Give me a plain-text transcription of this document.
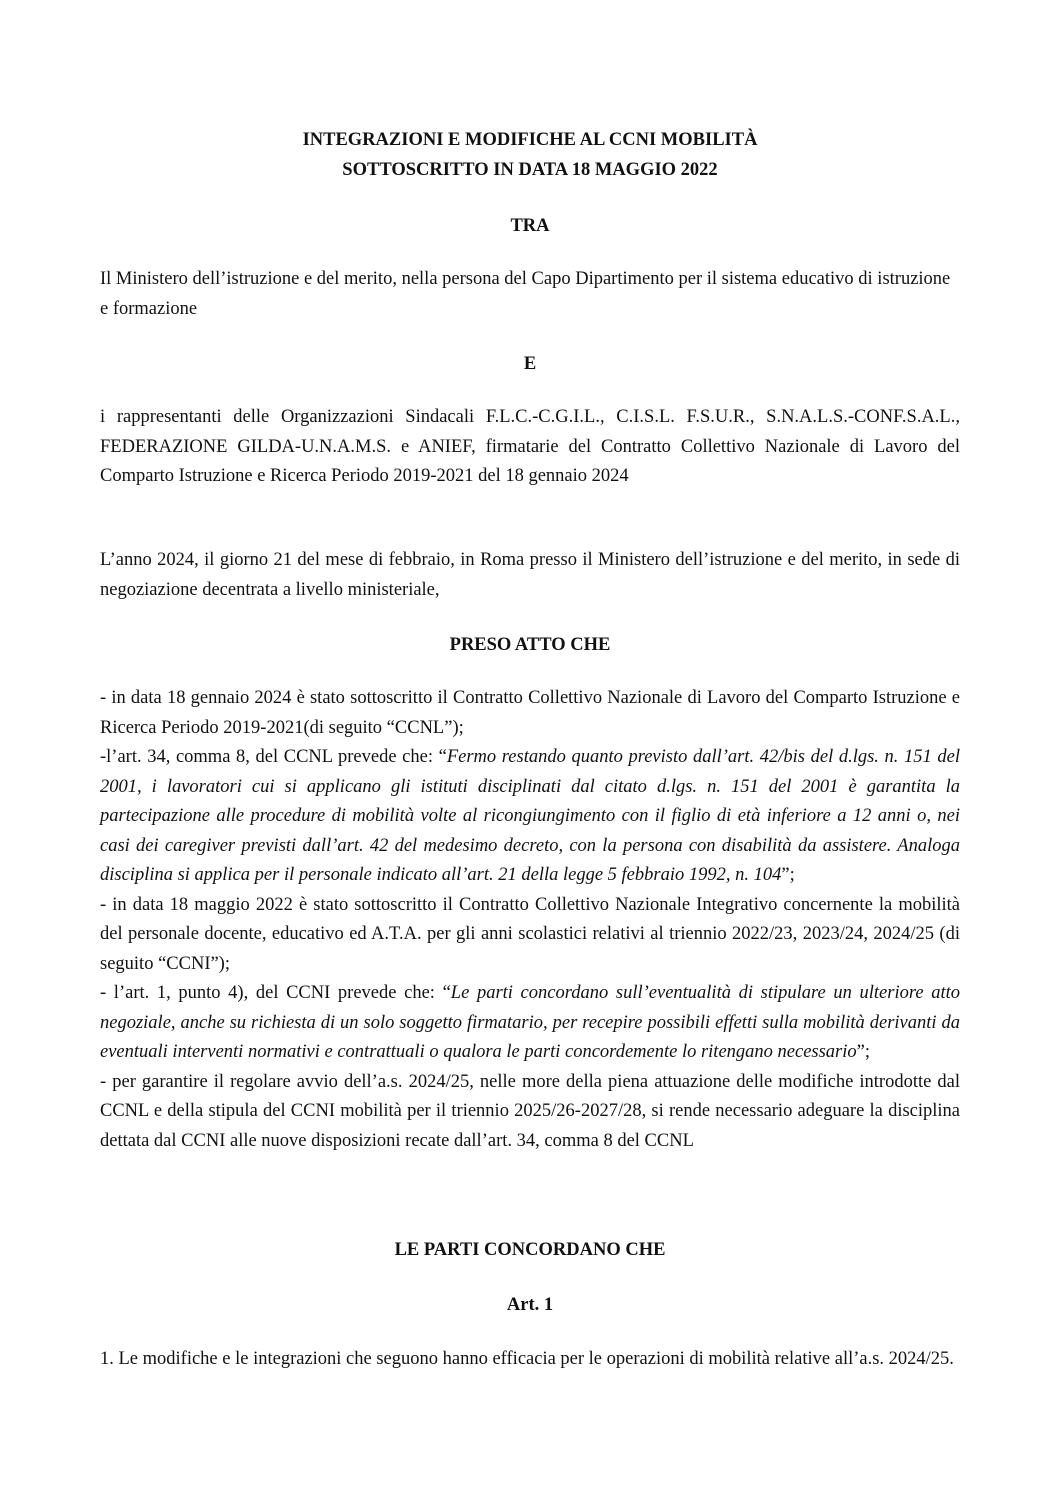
INTEGRAZIONI E MODIFICHE AL CCNI MOBILITÀ
SOTTOSCRITTO IN DATA 18 MAGGIO 2022

TRA

Il Ministero dell’istruzione e del merito, nella persona del Capo Dipartimento per il sistema educativo di istruzione e formazione

E

i rappresentanti delle Organizzazioni Sindacali F.L.C.-C.G.I.L., C.I.S.L. F.S.U.R., S.N.A.L.S.-CONF.S.A.L., FEDERAZIONE GILDA-U.N.A.M.S. e ANIEF, firmatarie del Contratto Collettivo Nazionale di Lavoro del Comparto Istruzione e Ricerca Periodo 2019-2021 del 18 gennaio 2024

L’anno 2024, il giorno 21 del mese di febbraio, in Roma presso il Ministero dell’istruzione e del merito, in sede di negoziazione decentrata a livello ministeriale,

PRESO ATTO CHE

- in data 18 gennaio 2024 è stato sottoscritto il Contratto Collettivo Nazionale di Lavoro del Comparto Istruzione e Ricerca Periodo 2019-2021(di seguito “CCNL”);

-l’art. 34, comma 8, del CCNL prevede che: “Fermo restando quanto previsto dall’art. 42/bis del d.lgs. n. 151 del 2001, i lavoratori cui si applicano gli istituti disciplinati dal citato d.lgs. n. 151 del 2001 è garantita la partecipazione alle procedure di mobilità volte al ricongiungimento con il figlio di età inferiore a 12 anni o, nei casi dei caregiver previsti dall’art. 42 del medesimo decreto, con la persona con disabilità da assistere. Analoga disciplina si applica per il personale indicato all’art. 21 della legge 5 febbraio 1992, n. 104”;

- in data 18 maggio 2022 è stato sottoscritto il Contratto Collettivo Nazionale Integrativo concernente la mobilità del personale docente, educativo ed A.T.A. per gli anni scolastici relativi al triennio 2022/23, 2023/24, 2024/25 (di seguito “CCNI”);

- l’art. 1, punto 4), del CCNI prevede che: “Le parti concordano sull’eventualità di stipulare un ulteriore atto negoziale, anche su richiesta di un solo soggetto firmatario, per recepire possibili effetti sulla mobilità derivanti da eventuali interventi normativi e contrattuali o qualora le parti concordemente lo ritengano necessario”;

- per garantire il regolare avvio dell’a.s. 2024/25, nelle more della piena attuazione delle modifiche introdotte dal CCNL e della stipula del CCNI mobilità per il triennio 2025/26-2027/28, si rende necessario adeguare la disciplina dettata dal CCNI alle nuove disposizioni recate dall’art. 34, comma 8 del CCNL

LE PARTI CONCORDANO CHE

Art. 1

1. Le modifiche e le integrazioni che seguono hanno efficacia per le operazioni di mobilità relative all’a.s. 2024/25.
